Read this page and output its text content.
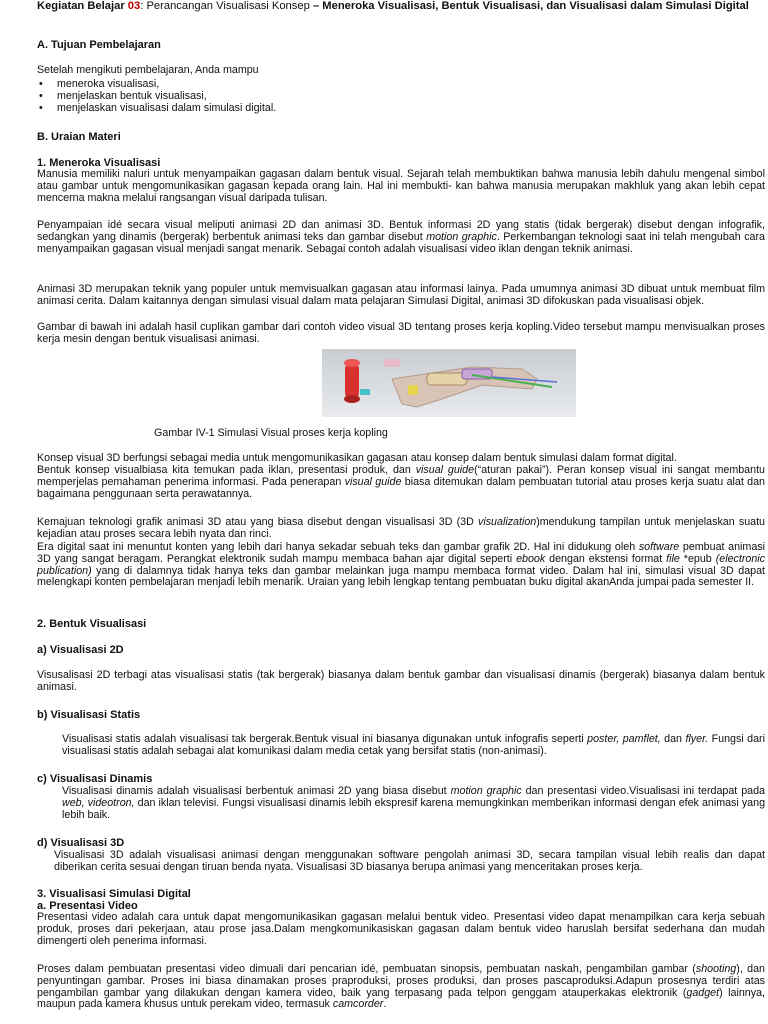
Kegiatan Belajar 03: Perancangan Visualisasi Konsep – Meneroka Visualisasi, Bentuk Visualisasi, dan Visualisasi dalam Simulasi Digital
A. Tujuan Pembelajaran
Setelah mengikuti pembelajaran, Anda mampu
• meneroka visualisasi,
• menjelaskan bentuk visualisasi,
• menjelaskan visualisasi dalam simulasi digital.
B. Uraian Materi
1. Meneroka Visualisasi
Manusia memiliki naluri untuk menyampaikan gagasan dalam bentuk visual. Sejarah telah membuktikan bahwa manusia lebih dahulu mengenal simbol atau gambar untuk mengomunikasikan gagasan kepada orang lain. Hal ini membukti- kan bahwa manusia merupakan makhluk yang akan lebih cepat mencerna makna melalui rangsangan visual daripada tulisan.
Penyampaian idé secara visual meliputi animasi 2D dan animasi 3D. Bentuk informasi 2D yang statis (tidak bergerak) disebut dengan infografik, sedangkan yang dinamis (bergerak) berbentuk animasi teks dan gambar disebut motion graphic. Perkembangan teknologi saat ini telah mengubah cara menyampaikan gagasan visual menjadi sangat menarik. Sebagai contoh adalah visualisasi video iklan dengan teknik animasi.
Animasi 3D merupakan teknik yang populer untuk memvisualkan gagasan atau informasi lainya. Pada umumnya animasi 3D dibuat untuk membuat film animasi cerita. Dalam kaitannya dengan simulasi visual dalam mata pelajaran Simulasi Digital, animasi 3D difokuskan pada visualisasi objek.
Gambar di bawah ini adalah hasil cuplikan gambar dari contoh video visual 3D tentang proses kerja kopling.Video tersebut mampu menvisualkan proses kerja mesin dengan bentuk visualisasi animasi.
Gambar IV-1 Simulasi Visual proses kerja kopling
Konsep visual 3D berfungsi sebagai media untuk mengomunikasikan gagasan atau konsep dalam bentuk simulasi dalam format digital.
Bentuk konsep visualbiasa kita temukan pada iklan, presentasi produk, dan visual guide(“aturan pakai”). Peran konsep visual ini sangat membantu memperjelas pemahaman penerima informasi. Pada penerapan visual guide biasa ditemukan dalam pembuatan tutorial atau proses kerja suatu alat dan bagaimana penggunaan serta perawatannya.
Kemajuan teknologi grafik animasi 3D atau yang biasa disebut dengan visualisasi 3D (3D visualization)mendukung tampilan untuk menjelaskan suatu kejadian atau proses secara lebih nyata dan rinci.
Era digital saat ini menuntut konten yang lebih dari hanya sekadar sebuah teks dan gambar grafik 2D. Hal ini didukung oleh software pembuat animasi 3D yang sangat beragam. Perangkat elektronik sudah mampu membaca bahan ajar digital seperti ebook dengan ekstensi format file *epub (electronic publication) yang di dalamnya tidak hanya teks dan gambar melainkan juga mampu membaca format video. Dalam hal ini, simulasi visual 3D dapat melengkapi konten pembelajaran menjadi lebih menarik. Uraian yang lebih lengkap tentang pembuatan buku digital akanAnda jumpai pada semester II.
2. Bentuk Visualisasi
a) Visualisasi 2D
Visusalisasi 2D terbagi atas visualisasi statis (tak bergerak) biasanya dalam bentuk gambar dan visualisasi dinamis (bergerak) biasanya dalam bentuk animasi.
b) Visualisasi Statis
Visualisasi statis adalah visualisasi tak bergerak.Bentuk visual ini biasanya digunakan untuk infografis seperti poster, pamflet, dan flyer. Fungsi dari visualisasi statis adalah sebagai alat komunikasi dalam media cetak yang bersifat statis (non-animasi).
c) Visualisasi Dinamis
Visualisasi dinamis adalah visualisasi berbentuk animasi 2D yang biasa disebut motion graphic dan presentasi video.Visualisasi ini terdapat pada web, videotron, dan iklan televisi. Fungsi visualisasi dinamis lebih ekspresif karena memungkinkan memberikan informasi dengan efek animasi yang lebih baik.
d) Visualisasi 3D
Visualisasi 3D adalah visualisasi animasi dengan menggunakan software pengolah animasi 3D, secara tampilan visual lebih realis dan dapat diberikan cerita sesuai dengan tiruan benda nyata. Visualisasi 3D biasanya berupa animasi yang menceritakan proses kerja.
3. Visualisasi Simulasi Digital
a. Presentasi Video
Presentasi video adalah cara untuk dapat mengomunikasikan gagasan melalui bentuk video. Presentasi video dapat menampilkan cara kerja sebuah produk, proses dari pekerjaan, atau prose jasa.Dalam mengkomunikasiskan gagasan dalam bentuk video haruslah bersifat sederhana dan mudah dimengerti oleh penerima informasi.
Proses dalam pembuatan presentasi video dimuali dari pencarian idé, pembuatan sinopsis, pembuatan naskah, pengambilan gambar (shooting), dan penyuntingan gambar. Proses ini biasa dinamakan proses praproduksi, proses produksi, dan proses pascaproduksi.Adapun prosesnya terdiri atas pengambilan gambar yang dilakukan dengan kamera video, baik yang terpasang pada telpon genggam atauperkakas elektronik (gadget) lainnya, maupun pada kamera khusus untuk perekam video, termasuk camcorder.
